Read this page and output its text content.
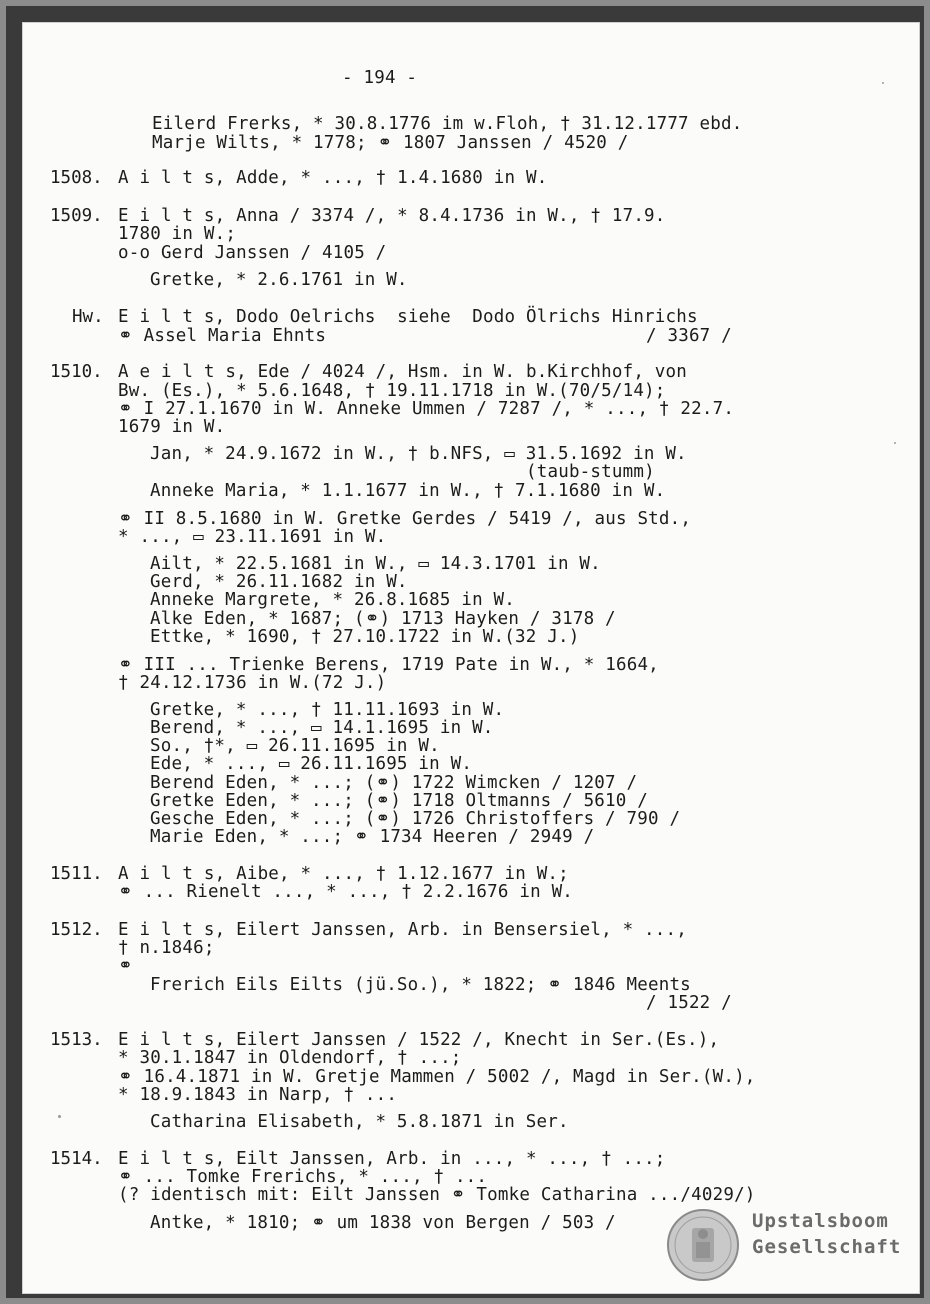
- 194 -
Eilerd Frerks, * 30.8.1776 im w.Floh, † 31.12.1777 ebd.
Marje Wilts, * 1778; ⚭ 1807 Janssen / 4520 /
1508. A i l t s, Adde, * ..., † 1.4.1680 in W.
1509. E i l t s, Anna / 3374 /, * 8.4.1736 in W., † 17.9.
1780 in W.;
o-o Gerd Janssen / 4105 /
Gretke, * 2.6.1761 in W.
Hw. E i l t s, Dodo Oelrichs  siehe  Dodo Ölrichs Hinrichs
⚭ Assel Maria Ehnts	/ 3367 /
1510. A e i l t s, Ede / 4024 /, Hsm. in W. b.Kirchhof, von
Bw. (Es.), * 5.6.1648, † 19.11.1718 in W.(70/5/14);
⚭ I 27.1.1670 in W. Anneke Ummen / 7287 /, * ..., † 22.7.
1679 in W.
Jan, * 24.9.1672 in W., † b.NFS, ▭ 31.5.1692 in W.
(taub-stumm)
Anneke Maria, * 1.1.1677 in W., † 7.1.1680 in W.
⚭ II 8.5.1680 in W. Gretke Gerdes / 5419 /, aus Std.,
* ..., ▭ 23.11.1691 in W.
Ailt, * 22.5.1681 in W., ▭ 14.3.1701 in W.
Gerd, * 26.11.1682 in W.
Anneke Margrete, * 26.8.1685 in W.
Alke Eden, * 1687; (⚭) 1713 Hayken / 3178 /
Ettke, * 1690, † 27.10.1722 in W.(32 J.)
⚭ III ... Trienke Berens, 1719 Pate in W., * 1664,
† 24.12.1736 in W.(72 J.)
Gretke, * ..., † 11.11.1693 in W.
Berend, * ..., ▭ 14.1.1695 in W.
So., †*, ▭ 26.11.1695 in W.
Ede, * ..., ▭ 26.11.1695 in W.
Berend Eden, * ...; (⚭) 1722 Wimcken / 1207 /
Gretke Eden, * ...; (⚭) 1718 Oltmanns / 5610 /
Gesche Eden, * ...; (⚭) 1726 Christoffers / 790 /
Marie Eden, * ...; ⚭ 1734 Heeren / 2949 /
1511. A i l t s, Aibe, * ..., † 1.12.1677 in W.;
⚭ ... Rienelt ..., * ..., † 2.2.1676 in W.
1512. E i l t s, Eilert Janssen, Arb. in Bensersiel, * ...,
† n.1846;
⚭
Frerich Eils Eilts (jü.So.), * 1822; ⚭ 1846 Meents
/ 1522 /
1513. E i l t s, Eilert Janssen / 1522 /, Knecht in Ser.(Es.),
* 30.1.1847 in Oldendorf, † ...;
⚭ 16.4.1871 in W. Gretje Mammen / 5002 /, Magd in Ser.(W.),
* 18.9.1843 in Narp, † ...
Catharina Elisabeth, * 5.8.1871 in Ser.
1514. E i l t s, Eilt Janssen, Arb. in ..., * ..., † ...;
⚭ ... Tomke Frerichs, * ..., † ...
(? identisch mit: Eilt Janssen ⚭ Tomke Catharina .../4029/)
Antke, * 1810; ⚭ um 1838 von Bergen / 503 /	Upstalsboom
Gesellschaft
